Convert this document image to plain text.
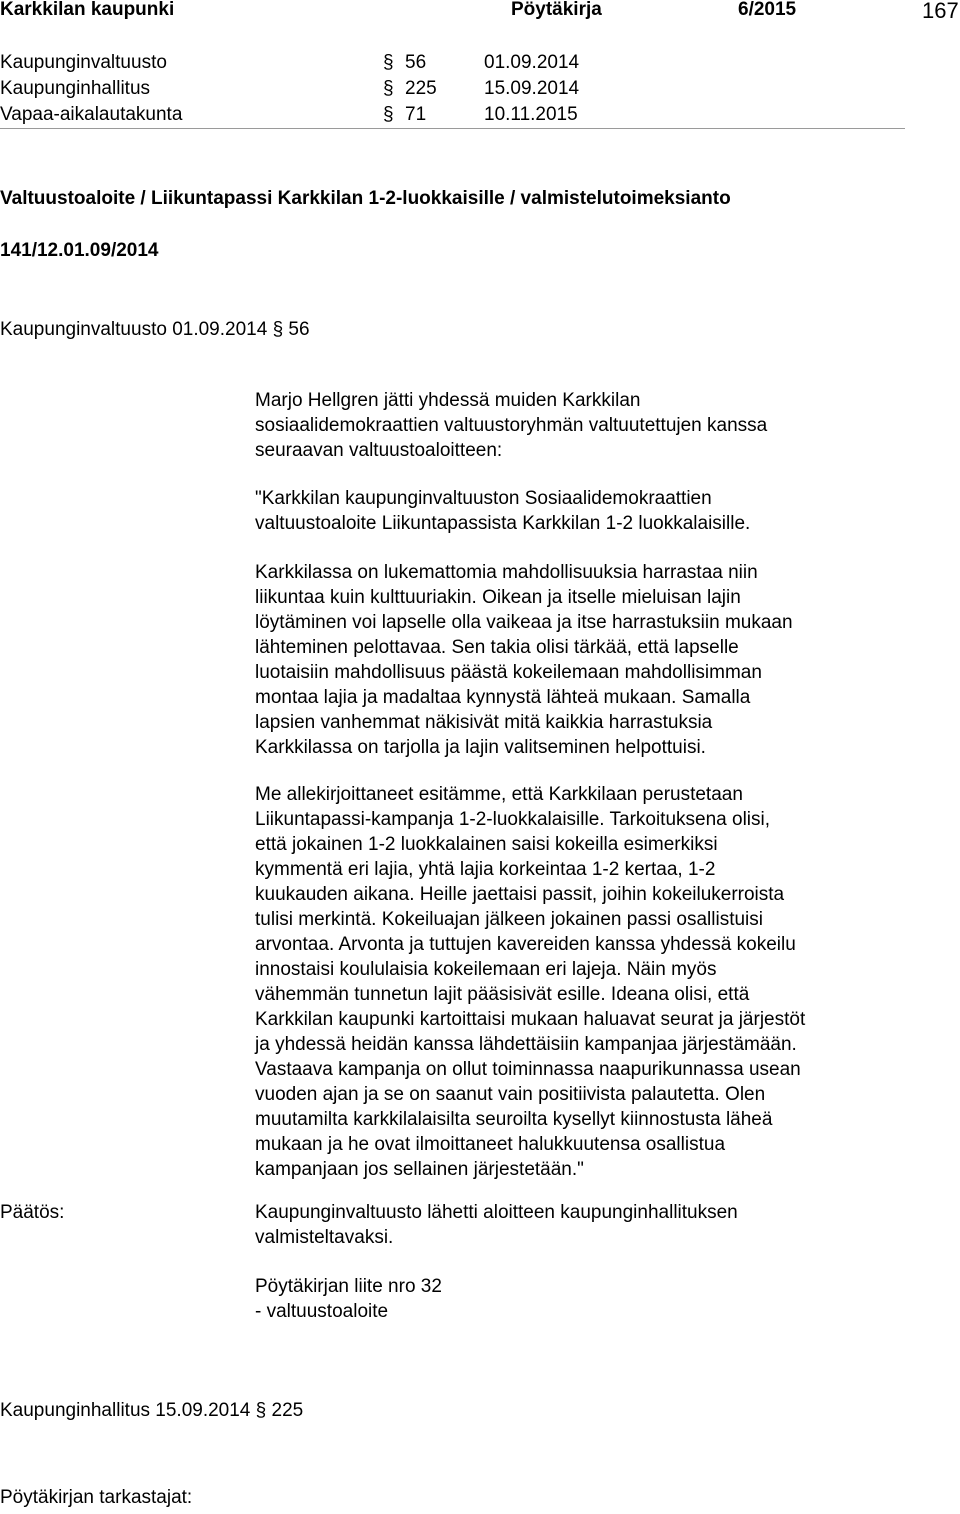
Karkkilan kaupunki	Pöytäkirja	6/2015	167
Kaupunginvaltuusto	§ 56	01.09.2014
Kaupunginhallitus	§ 225 15.09.2014
Vapaa-aikalautakunta	§ 71	10.11.2015
Valtuustoaloite / Liikuntapassi Karkkilan 1-2-luokkaisille / valmistelutoimeksianto
141/12.01.09/2014
Kaupunginvaltuusto 01.09.2014 § 56
Marjo Hellgren jätti yhdessä muiden Karkkilan
sosiaalidemokraattien valtuustoryhmän valtuutettujen kanssa
seuraavan valtuustoaloitteen:
"Karkkilan kaupunginvaltuuston Sosiaalidemokraattien
valtuustoaloite Liikuntapassista Karkkilan 1-2 luokkalaisille.
Karkkilassa on lukemattomia mahdollisuuksia harrastaa niin
liikuntaa kuin kulttuuriakin. Oikean ja itselle mieluisan lajin
löytäminen voi lapselle olla vaikeaa ja itse harrastuksiin mukaan
lähteminen pelottavaa. Sen takia olisi tärkää, että lapselle
luotaisiin mahdollisuus päästä kokeilemaan mahdollisimman
montaa lajia ja madaltaa kynnystä lähteä mukaan. Samalla
lapsien vanhemmat näkisivät mitä kaikkia harrastuksia
Karkkilassa on tarjolla ja lajin valitseminen helpottuisi.
Me allekirjoittaneet esitämme, että Karkkilaan perustetaan
Liikuntapassi-kampanja 1-2-luokkalaisille. Tarkoituksena olisi,
että jokainen 1-2 luokkalainen saisi kokeilla esimerkiksi
kymmentä eri lajia, yhtä lajia korkeintaa 1-2 kertaa, 1-2
kuukauden aikana. Heille jaettaisi passit, joihin kokeilukerroista
tulisi merkintä. Kokeiluajan jälkeen jokainen passi osallistuisi
arvontaa. Arvonta ja tuttujen kavereiden kanssa yhdessä kokeilu
innostaisi koululaisia kokeilemaan eri lajeja. Näin myös
vähemmän tunnetun lajit pääsisivät esille. Ideana olisi, että
Karkkilan kaupunki kartoittaisi mukaan haluavat seurat ja järjestöt
ja yhdessä heidän kanssa lähdettäisiin kampanjaa järjestämään.
Vastaava kampanja on ollut toiminnassa naapurikunnassa usean
vuoden ajan ja se on saanut vain positiivista palautetta. Olen
muutamilta karkkilalaisilta seuroilta kysellyt kiinnostusta läheä
mukaan ja he ovat ilmoittaneet halukkuutensa osallistua
kampanjaan jos sellainen järjestetään."
Päätös:	Kaupunginvaltuusto lähetti aloitteen kaupunginhallituksen
valmisteltavaksi.
Pöytäkirjan liite nro 32
- valtuustoaloite
Kaupunginhallitus 15.09.2014 § 225
Pöytäkirjan tarkastajat:
